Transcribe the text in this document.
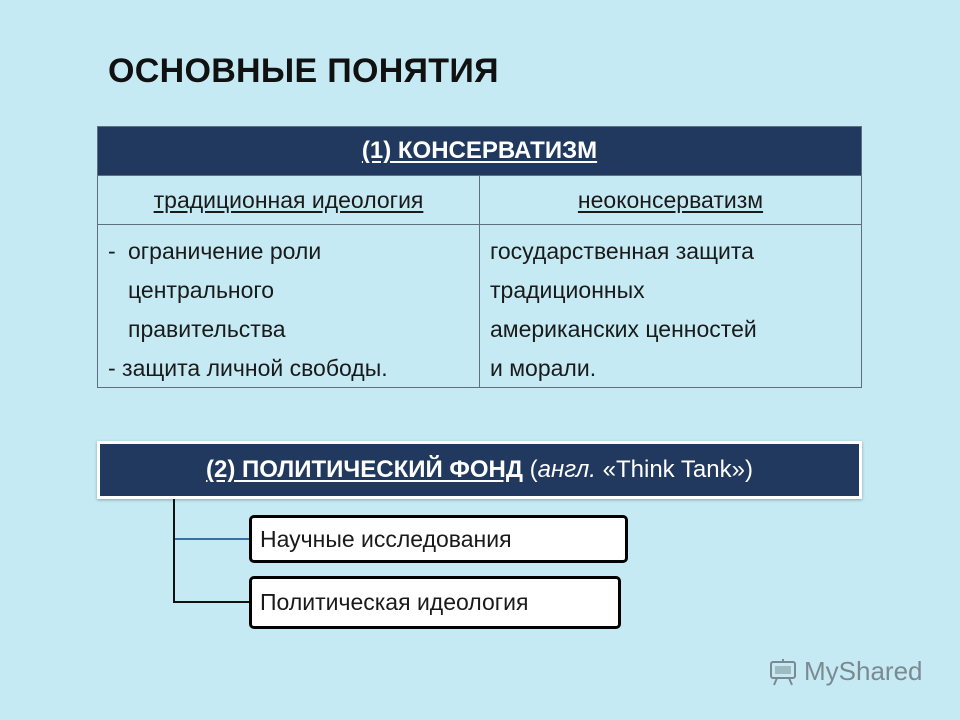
ОСНОВНЫЕ ПОНЯТИЯ
(1) КОНСЕРВАТИЗМ
традиционная идеология	неоконсерватизм
- ограничение роли
центрального
правительства
- защита личной свободы.
государственная защита
традиционных
американских ценностей
и морали.
(2) ПОЛИТИЧЕСКИЙ ФОНД
( англ.
«Think Tank»)
Научные исследования
Политическая идеология
MyShared
